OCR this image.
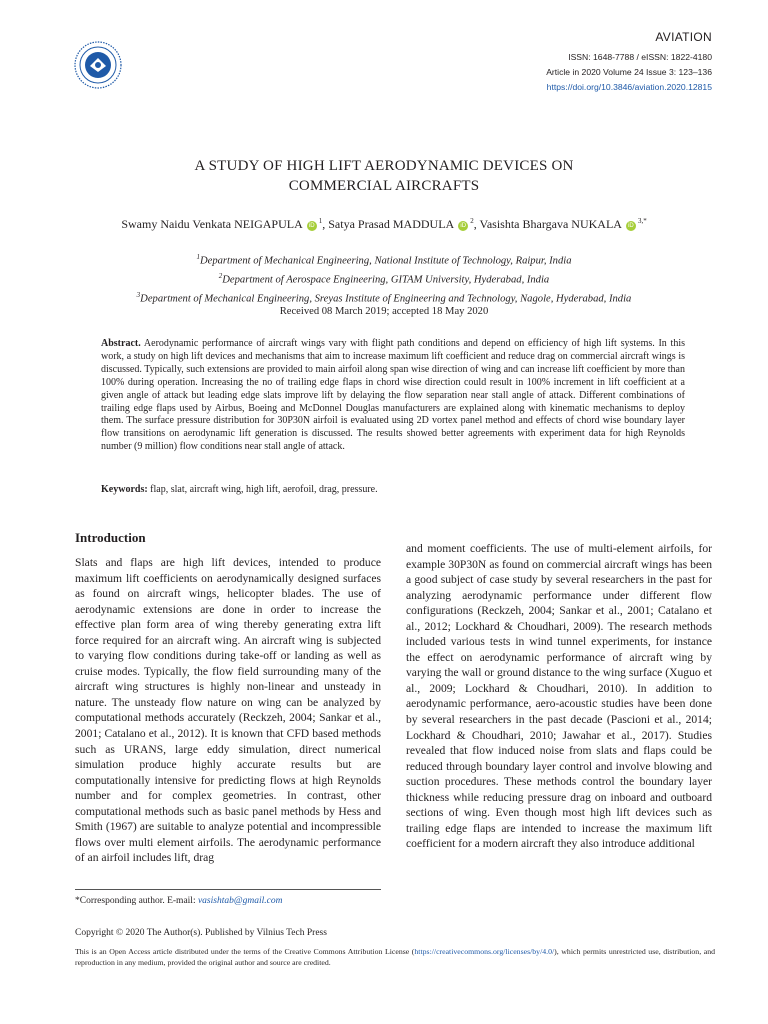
AVIATION
ISSN: 1648-7788 / eISSN: 1822-4180
Article in 2020 Volume 24 Issue 3: 123–136
https://doi.org/10.3846/aviation.2020.12815
A STUDY OF HIGH LIFT AERODYNAMIC DEVICES ON
COMMERCIAL AIRCRAFTS
Swamy Naidu Venkata NEIGAPULA $iD^1$, Satya Prasad MADDULA $iD^2$, Vasishta Bhargava NUKALA $iD^{3,*}$
$^1$Department of Mechanical Engineering, National Institute of Technology, Raipur, India
$^2$Department of Aerospace Engineering, GITAM University, Hyderabad, India
$^3$Department of Mechanical Engineering, Sreyas Institute of Engineering and Technology, Nagole, Hyderabad, India
Received 08 March 2019; accepted 18 May 2020
Abstract. Aerodynamic performance of aircraft wings vary with flight path conditions and depend on efficiency of high lift systems. In this work, a study on high lift devices and mechanisms that aim to increase maximum lift coefficient and reduce drag on commercial aircraft wings is discussed. Typically, such extensions are provided to main airfoil along span wise direction of wing and can increase lift coefficient by more than 100% during operation. Increasing the no of trailing edge flaps in chord wise direction could result in 100% increment in lift coefficient at a given angle of attack but leading edge slats improve lift by delaying the flow separation near stall angle of attack. Different combinations of trailing edge flaps used by Airbus, Boeing and McDonnel Douglas manufacturers are explained along with kinematic mechanisms to deploy them. The surface pressure distribution for 30P30N airfoil is evaluated using 2D vortex panel method and effects of chord wise boundary layer flow transitions on aerodynamic lift generation is discussed. The results showed better agreements with experiment data for high Reynolds number (9 million) flow conditions near stall angle of attack.
Keywords: flap, slat, aircraft wing, high lift, aerofoil, drag, pressure.
Introduction

Slats and flaps are high lift devices, intended to produce maximum lift coefficients on aerodynamically designed surfaces as found on aircraft wings, helicopter blades. The use of aerodynamic extensions are done in order to increase the effective plan form area of wing thereby generating extra lift force required for an aircraft wing. An aircraft wing is subjected to varying flow conditions during take-off or landing as well as cruise modes. Typically, the flow field surrounding many of the aircraft wing structures is highly non-linear and unsteady in nature. The unsteady flow nature on wing can be analyzed by computational methods accurately (Reckzeh, 2004; Sankar et al., 2001; Catalano et al., 2012). It is known that CFD based methods such as URANS, large eddy simulation, direct numerical simulation produce highly accurate results but are computationally intensive for predicting flows at high Reynolds number and for complex geometries. In contrast, other computational methods such as basic panel methods by Hess and Smith (1967) are suitable to analyze potential and incompressible flows over multi element airfoils. The aerodynamic performance of an airfoil includes lift, drag

and moment coefficients. The use of multi-element airfoils, for example 30P30N as found on commercial aircraft wings has been a good subject of case study by several researchers in the past for analyzing aerodynamic performance under different flow configurations (Reckzeh, 2004; Sankar et al., 2001; Catalano et al., 2012; Lockhard & Choudhari, 2009). The research methods included various tests in wind tunnel experiments, for instance the effect on aerodynamic performance of aircraft wing by varying the wall or ground distance to the wing surface (Xuguo et al., 2009; Lockhard & Choudhari, 2010). In addition to aerodynamic performance, aero-acoustic studies have been done by several researchers in the past decade (Pascioni et al., 2014; Lockhard & Choudhari, 2010; Jawahar et al., 2017). Studies revealed that flow induced noise from slats and flaps could be reduced through boundary layer control and involve blowing and suction procedures. These methods control the boundary layer thickness while reducing pressure drag on inboard and outboard sections of wing. Even though most high lift devices such as trailing edge flaps are intended to increase the maximum lift coefficient for a modern aircraft they also introduce additional

*Corresponding author. E-mail: vasishtab@gmail.com
Copyright © 2020 The Author(s). Published by Vilnius Tech Press
This is an Open Access article distributed under the terms of the Creative Commons Attribution License (https://creativecommons.org/licenses/by/4.0/), which permits unrestricted use, distribution, and reproduction in any medium, provided the original author and source are credited.
